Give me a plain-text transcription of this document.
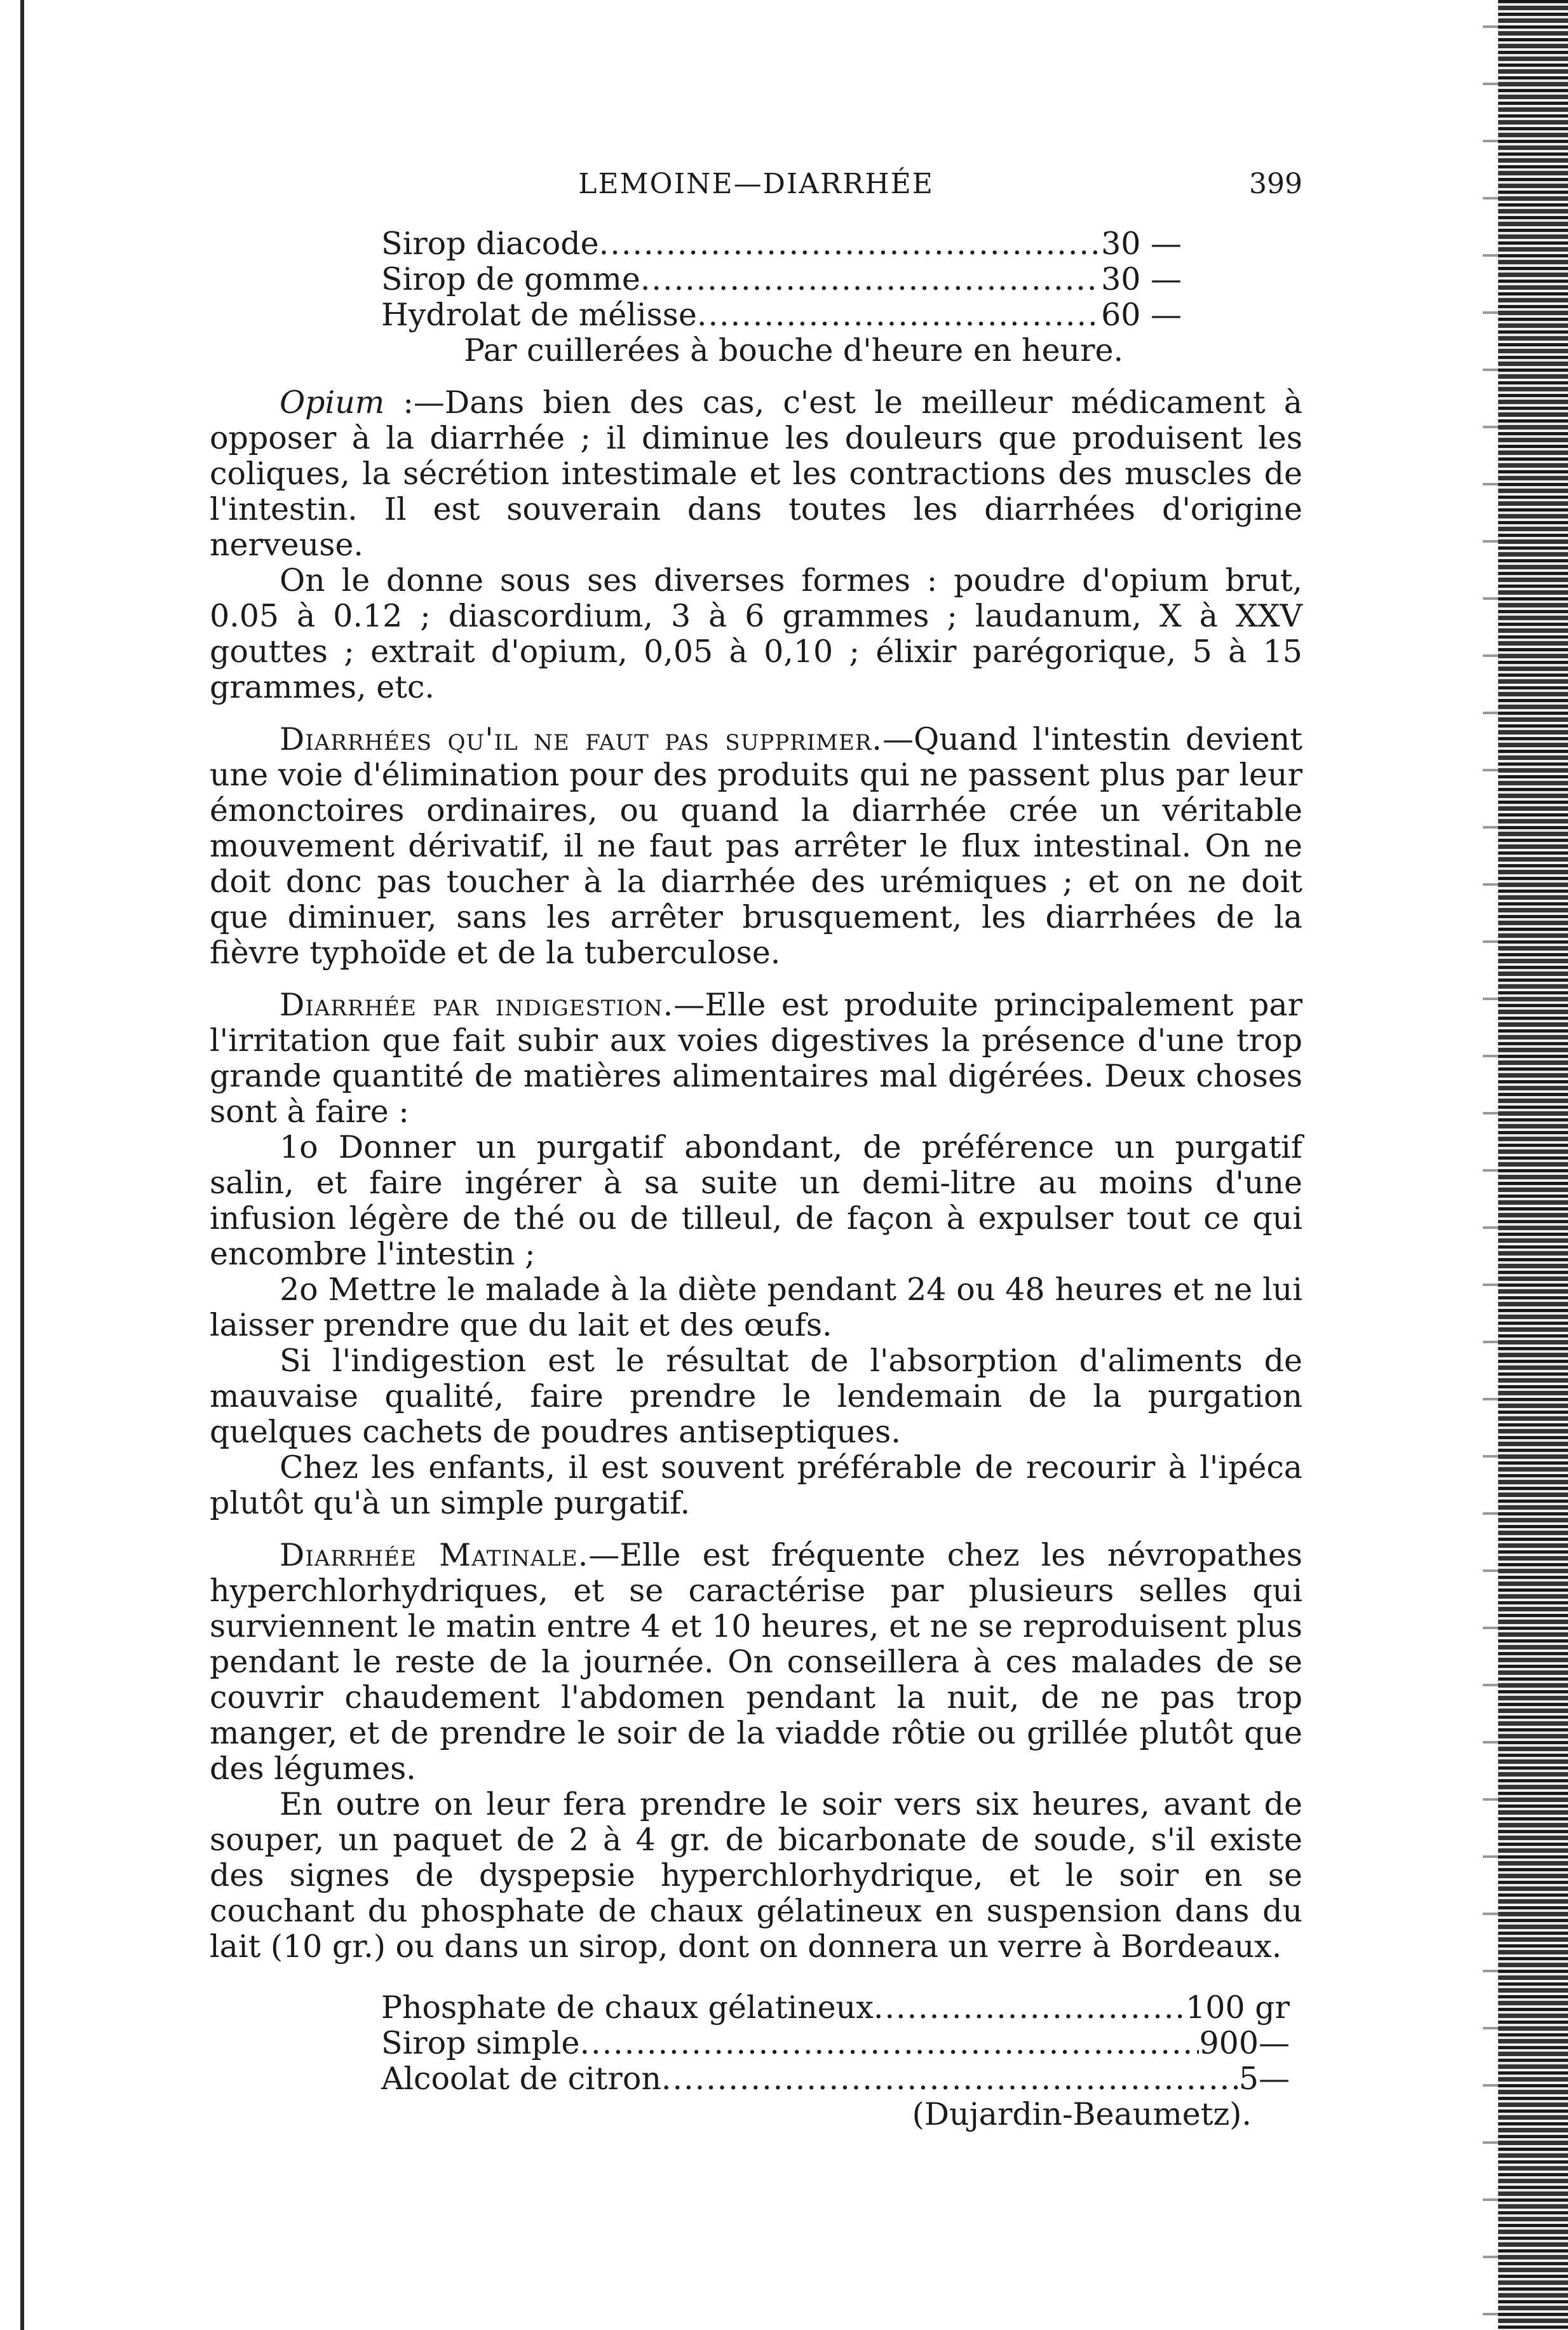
LEMOINE—DIARRHÉE	399
Sirop diacode .....	30 —
Sirop de gomme .....	30 —
Hydrolat de mélisse .....	60 —
Par cuillerées à bouche d'heure en heure.

Opium :—Dans bien des cas, c'est le meilleur médicament à opposer à la diarrhée ; il diminue les douleurs que produisent les coliques, la sécrétion intestimale et les contractions des muscles de l'intestin. Il est souverain dans toutes les diarrhées d'origine nerveuse.

On le donne sous ses diverses formes : poudre d'opium brut, 0.05 à 0.12 ; diascordium, 3 à 6 grammes ; laudanum, X à XXV gouttes ; extrait d'opium, 0,05 à 0,10 ; élixir parégorique, 5 à 15 grammes, etc.

Diarrhées qu'il ne faut pas supprimer.—Quand l'intestin devient une voie d'élimination pour des produits qui ne passent plus par leur émonctoires ordinaires, ou quand la diarrhée crée un véritable mouvement dérivatif, il ne faut pas arrêter le flux intestinal. On ne doit donc pas toucher à la diarrhée des urémiques ; et on ne doit que diminuer, sans les arrêter brusquement, les diarrhées de la fièvre typhoïde et de la tuberculose.

Diarrhée par indigestion.—Elle est produite principalement par l'irritation que fait subir aux voies digestives la présence d'une trop grande quantité de matières alimentaires mal digérées. Deux choses sont à faire :

1o Donner un purgatif abondant, de préférence un purgatif salin, et faire ingérer à sa suite un demi-litre au moins d'une infusion légère de thé ou de tilleul, de façon à expulser tout ce qui encombre l'intestin ;

2o Mettre le malade à la diète pendant 24 ou 48 heures et ne lui laisser prendre que du lait et des œufs.

Si l'indigestion est le résultat de l'absorption d'aliments de mauvaise qualité, faire prendre le lendemain de la purgation quelques cachets de poudres antiseptiques.

Chez les enfants, il est souvent préférable de recourir à l'ipéca plutôt qu'à un simple purgatif.

Diarrhée Matinale.—Elle est fréquente chez les névropathes hyperchlorhydriques, et se caractérise par plusieurs selles qui surviennent le matin entre 4 et 10 heures, et ne se reproduisent plus pendant le reste de la journée. On conseillera à ces malades de se couvrir chaudement l'abdomen pendant la nuit, de ne pas trop manger, et de prendre le soir de la viadde rôtie ou grillée plutôt que des légumes.

En outre on leur fera prendre le soir vers six heures, avant de souper, un paquet de 2 à 4 gr. de bicarbonate de soude, s'il existe des signes de dyspepsie hyperchlorhydrique, et le soir en se couchant du phosphate de chaux gélatineux en suspension dans du lait (10 gr.) ou dans un sirop, dont on donnera un verre à Bordeaux.

Phosphate de chaux gélatineux .....	100 gr
Sirop simple .....	900—
Alcoolat de citron .....	5—
(Dujardin-Beaumetz).
